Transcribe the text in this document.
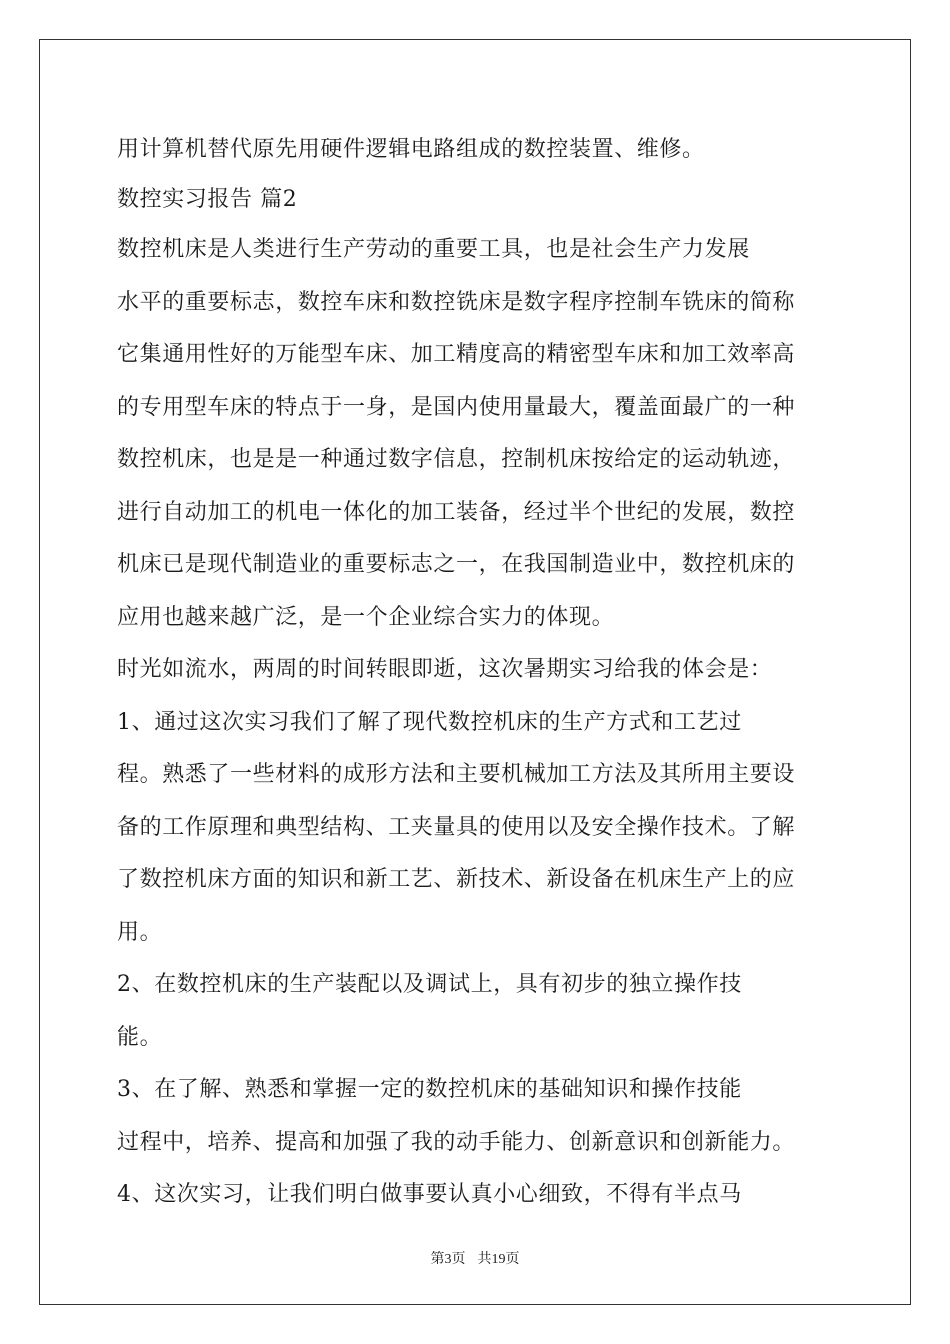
用计算机替代原先用硬件逻辑电路组成的数控装置、维修。

数控实习报告 篇2

数控机床是人类进行生产劳动的重要工具，也是社会生产力发展

水平的重要标志，数控车床和数控铣床是数字程序控制车铣床的简称

它集通用性好的万能型车床、加工精度高的精密型车床和加工效率高

的专用型车床的特点于一身，是国内使用量最大，覆盖面最广的一种

数控机床，也是是一种通过数字信息，控制机床按给定的运动轨迹，

进行自动加工的机电一体化的加工装备，经过半个世纪的发展，数控

机床已是现代制造业的重要标志之一，在我国制造业中，数控机床的

应用也越来越广泛，是一个企业综合实力的体现。

时光如流水，两周的时间转眼即逝，这次暑期实习给我的体会是：

1、通过这次实习我们了解了现代数控机床的生产方式和工艺过

程。熟悉了一些材料的成形方法和主要机械加工方法及其所用主要设

备的工作原理和典型结构、工夹量具的使用以及安全操作技术。了解

了数控机床方面的知识和新工艺、新技术、新设备在机床生产上的应

用。

2、在数控机床的生产装配以及调试上，具有初步的独立操作技

能。

3、在了解、熟悉和掌握一定的数控机床的基础知识和操作技能

过程中，培养、提高和加强了我的动手能力、创新意识和创新能力。

4、这次实习，让我们明白做事要认真小心细致，不得有半点马

第3页 共19页
